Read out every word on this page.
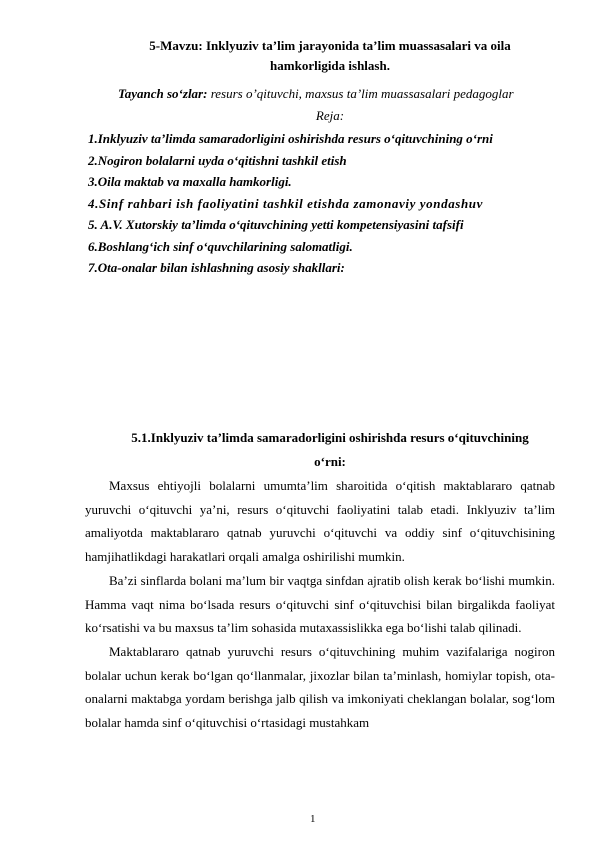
5-Mavzu: Inklyuziv ta’lim jarayonida ta’lim muassasalari va oila
hamkorligida ishlash.
Tayanch so‘zlar: resurs o’qituvchi, maxsus ta’lim muassasalari pedagoglar
Reja:
1.Inklyuziv ta’limda samaradorligini oshirishda resurs o‘qituvchining o‘rni
2.Nogiron bolalarni uyda o‘qitishni tashkil etish
3.Oila maktab va maxalla hamkorligi.
4.Sinf rahbari ish faoliyatini tashkil etishda zamonaviy yondashuv
5. A.V. Xutorskiy ta’limda o‘qituvchining yetti kompetensiyasini tafsifi
6.Boshlang‘ich sinf o‘quvchilarining salomatligi.
7.Ota-onalar bilan ishlashning asosiy shakllari:
5.1.Inklyuziv ta’limda samaradorligini oshirishda resurs o‘qituvchining
o‘rni:

Maxsus ehtiyojli bolalarni umumta’lim sharoitida o‘qitish maktablararo qatnab yuruvchi o‘qituvchi ya’ni, resurs o‘qituvchi faoliyatini talab etadi. Inklyuziv ta’lim amaliyotda maktablararo qatnab yuruvchi o‘qituvchi va oddiy sinf o‘qituvchisining hamjihatlikdagi harakatlari orqali amalga oshirilishi mumkin.

Ba’zi sinflarda bolani ma’lum bir vaqtga sinfdan ajratib olish kerak bo‘lishi mumkin. Hamma vaqt nima bo‘lsada resurs o‘qituvchi sinf o‘qituvchisi bilan birgalikda faoliyat ko‘rsatishi va bu maxsus ta’lim sohasida mutaxassislikka ega bo‘lishi talab qilinadi.

Maktablararo qatnab yuruvchi resurs o‘qituvchining muhim vazifalariga nogiron bolalar uchun kerak bo‘lgan qo‘llanmalar, jixozlar bilan ta’minlash, homiylar topish, ota-onalarni maktabga yordam berishga jalb qilish va imkoniyati cheklangan bolalar, sog‘lom bolalar hamda sinf o‘qituvchisi o‘rtasidagi mustahkam

1
